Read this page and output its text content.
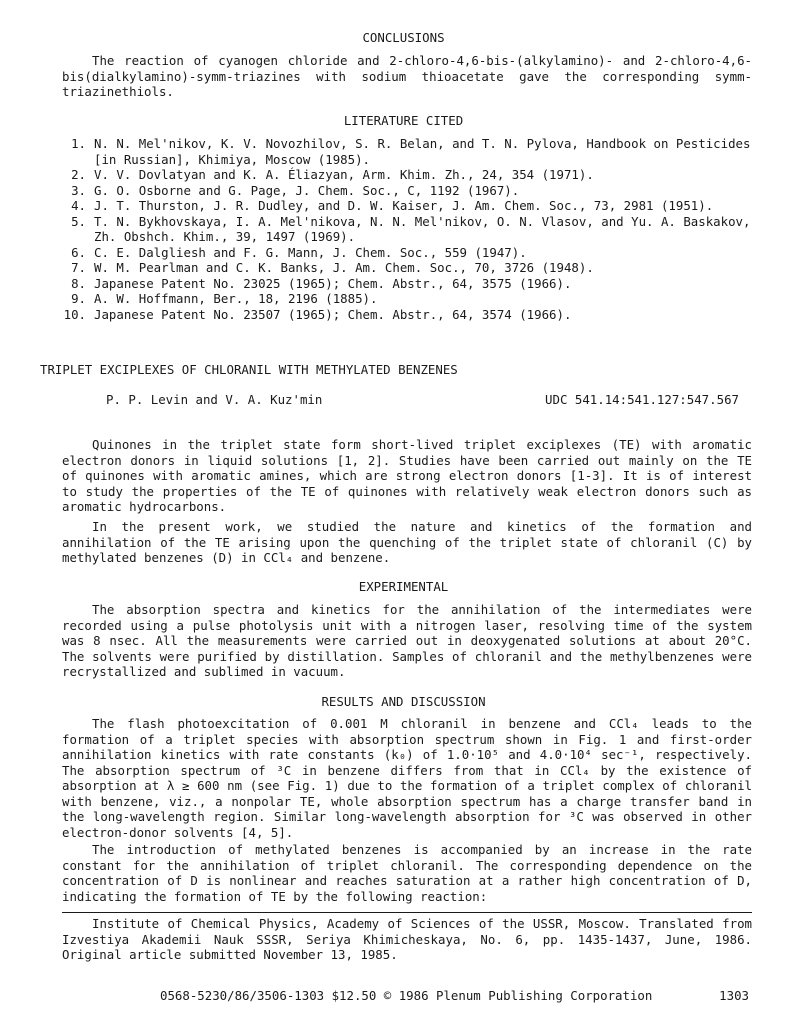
CONCLUSIONS

The reaction of cyanogen chloride and 2-chloro-4,6-bis-(alkylamino)- and 2-chloro-4,6-bis(dialkylamino)-symm-triazines with sodium thioacetate gave the corresponding symm-triazinethiols.

LITERATURE CITED
1. N. N. Mel'nikov, K. V. Novozhilov, S. R. Belan, and T. N. Pylova, Handbook on Pesticides [in Russian], Khimiya, Moscow (1985).
2. V. V. Dovlatyan and K. A. Éliazyan, Arm. Khim. Zh., 24, 354 (1971).
3. G. O. Osborne and G. Page, J. Chem. Soc., C, 1192 (1967).
4. J. T. Thurston, J. R. Dudley, and D. W. Kaiser, J. Am. Chem. Soc., 73, 2981 (1951).
5. T. N. Bykhovskaya, I. A. Mel'nikova, N. N. Mel'nikov, O. N. Vlasov, and Yu. A. Baskakov, Zh. Obshch. Khim., 39, 1497 (1969).
6. C. E. Dalgliesh and F. G. Mann, J. Chem. Soc., 559 (1947).
7. W. M. Pearlman and C. K. Banks, J. Am. Chem. Soc., 70, 3726 (1948).
8. Japanese Patent No. 23025 (1965); Chem. Abstr., 64, 3575 (1966).
9. A. W. Hoffmann, Ber., 18, 2196 (1885).
10. Japanese Patent No. 23507 (1965); Chem. Abstr., 64, 3574 (1966).
TRIPLET EXCIPLEXES OF CHLORANIL WITH METHYLATED BENZENES
P. P. Levin and V. A. Kuz'min	UDC 541.14:541.127:547.567

Quinones in the triplet state form short-lived triplet exciplexes (TE) with aromatic electron donors in liquid solutions [1, 2]. Studies have been carried out mainly on the TE of quinones with aromatic amines, which are strong electron donors [1-3]. It is of interest to study the properties of the TE of quinones with relatively weak electron donors such as aromatic hydrocarbons.

In the present work, we studied the nature and kinetics of the formation and annihilation of the TE arising upon the quenching of the triplet state of chloranil (C) by methylated benzenes (D) in CCl₄ and benzene.

EXPERIMENTAL

The absorption spectra and kinetics for the annihilation of the intermediates were recorded using a pulse photolysis unit with a nitrogen laser, resolving time of the system was 8 nsec. All the measurements were carried out in deoxygenated solutions at about 20°C. The solvents were purified by distillation. Samples of chloranil and the methylbenzenes were recrystallized and sublimed in vacuum.

RESULTS AND DISCUSSION

The flash photoexcitation of 0.001 M chloranil in benzene and CCl₄ leads to the formation of a triplet species with absorption spectrum shown in Fig. 1 and first-order annihilation kinetics with rate constants (k₀) of 1.0·10⁵ and 4.0·10⁴ sec⁻¹, respectively. The absorption spectrum of ³C in benzene differs from that in CCl₄ by the existence of absorption at λ ≥ 600 nm (see Fig. 1) due to the formation of a triplet complex of chloranil with benzene, viz., a nonpolar TE, whole absorption spectrum has a charge transfer band in the long-wavelength region. Similar long-wavelength absorption for ³C was observed in other electron-donor solvents [4, 5].

The introduction of methylated benzenes is accompanied by an increase in the rate constant for the annihilation of triplet chloranil. The corresponding dependence on the concentration of D is nonlinear and reaches saturation at a rather high concentration of D, indicating the formation of TE by the following reaction:

Institute of Chemical Physics, Academy of Sciences of the USSR, Moscow. Translated from Izvestiya Akademii Nauk SSSR, Seriya Khimicheskaya, No. 6, pp. 1435-1437, June, 1986. Original article submitted November 13, 1985.

0568-5230/86/3506-1303 $12.50 © 1986 Plenum Publishing Corporation	1303
